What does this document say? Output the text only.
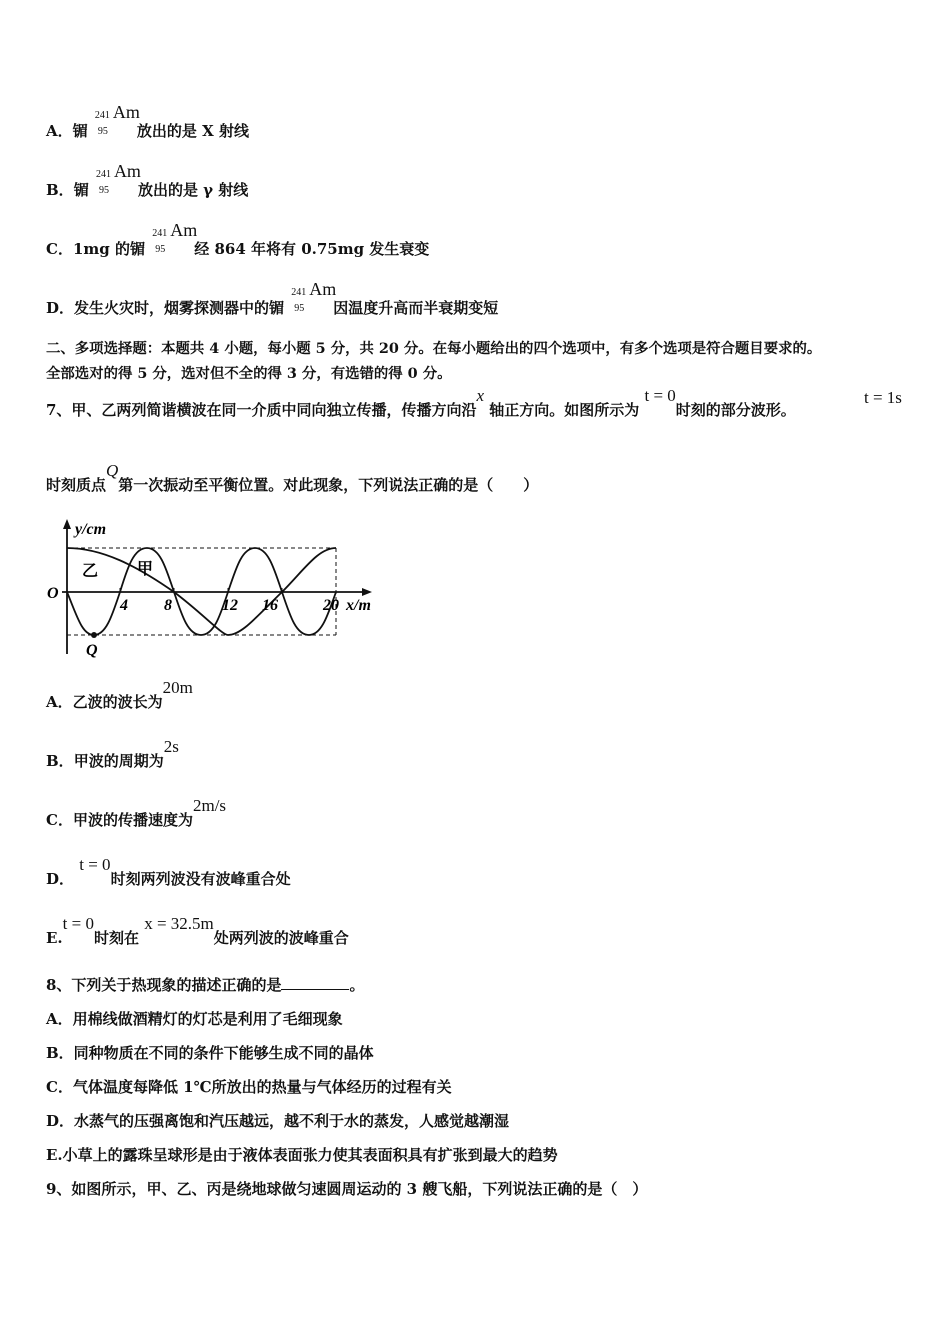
A．镅
241
95
Am
放出的是 X 射线
B．镅
241
95
Am
放出的是 γ 射线
C．1mg 的镅
241
95
Am
经 864 年将有 0.75mg 发生衰变
D．发生火灾时，烟雾探测器中的镅
241
95
Am
因温度升高而半衰期变短
二、多项选择题：本题共 4 小题，每小题 5 分，共 20 分。在每小题给出的四个选项中，有多个选项是符合题目要求的。
全部选对的得 5 分，选对但不全的得 3 分，有选错的得 0 分。
7、甲、乙两列简谐横波在同一介质中同向独立传播，传播方向沿x 轴正方向。如图所示为 t = 0时刻的部分波形。
t = 1s
时刻质点Q第一次振动至平衡位置。对此现象，下列说法正确的是（　　）
y/cm
O
乙 甲
4 8	12 16	20 x/m
Q
A．乙波的波长为20m
B．甲波的周期为2s
C．甲波的传播速度为2m/s
D． t = 0时刻两列波没有波峰重合处
E.t = 0时刻在 x = 32.5m处两列波的波峰重合
8、下列关于热现象的描述正确的是	。
A．用棉线做酒精灯的灯芯是利用了毛细现象
B．同种物质在不同的条件下能够生成不同的晶体
C．气体温度每降低 1℃所放出的热量与气体经历的过程有关
D．水蒸气的压强离饱和汽压越远，越不利于水的蒸发，人感觉越潮湿
E.小草上的露珠呈球形是由于液体表面张力使其表面积具有扩张到最大的趋势
9、如图所示，甲、乙、丙是绕地球做匀速圆周运动的 3 艘飞船，下列说法正确的是（　）
